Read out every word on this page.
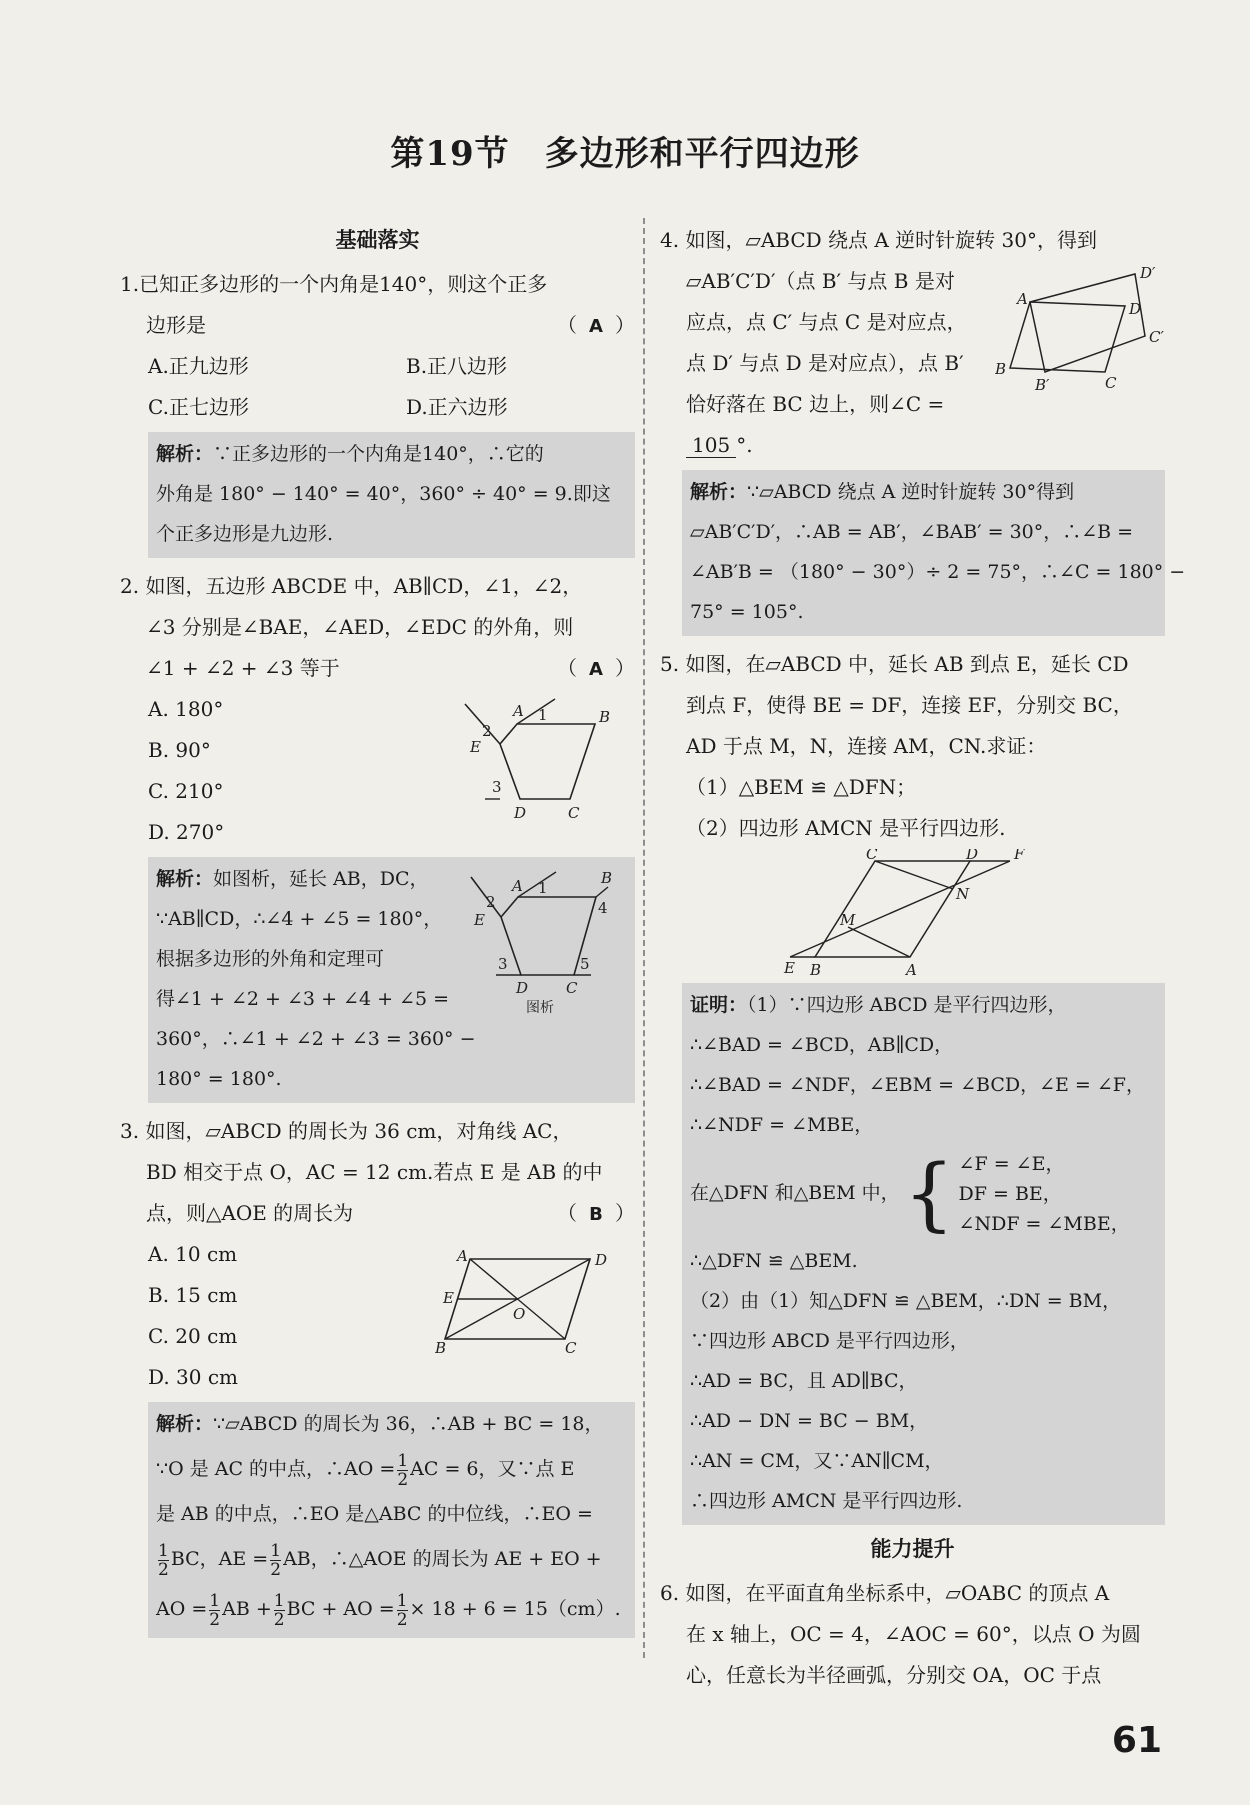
第19节　多边形和平行四边形
基础落实
1.已知正多边形的一个内角是140°，则这个正多
边形是	（ A ）
A.正九边形	B.正八边形
C.正七边形	D.正六边形
解析：∵正多边形的一个内角是140°，∴它的
外角是 180° − 140° = 40°，360° ÷ 40° = 9.即这
个正多边形是九边形.
2. 如图，五边形 ABCDE 中，AB∥CD，∠1，∠2，
∠3 分别是∠BAE，∠AED，∠EDC 的外角，则
∠1 + ∠2 + ∠3 等于	（ A ）
A. 180°
B. 90°
C. 210°
D. 270°
A 1	B
2
E
3
D	C
解析：如图析，延长 AB，DC，
∵AB∥CD，∴∠4 + ∠5 = 180°，
根据多边形的外角和定理可
得∠1 + ∠2 + ∠3 + ∠4 + ∠5 =
360°，∴∠1 + ∠2 + ∠3 = 360° −
180° = 180°.
A 1
B
2
E
4
3
D	C
5
图析
3. 如图，▱ABCD 的周长为 36 cm，对角线 AC，
BD 相交于点 O，AC = 12 cm.若点 E 是 AB 的中
点，则△AOE 的周长为	（ B ）
A. 10 cm
B. 15 cm
C. 20 cm
D. 30 cm
A	D
E
O
B	C
解析：∵▱ABCD 的周长为 36，∴AB + BC = 18，
∵O 是 AC 的中点，∴AO = $\frac{1}{2}$ AC = 6，又∵点 E
是 AB 的中点，∴EO 是△ABC 的中位线，∴EO =
$\frac{1}{2}$ BC，AE = $\frac{1}{2}$ AB，∴△AOE 的周长为 AE + EO +
AO = $\frac{1}{2}$ AB + $\frac{1}{2}$ BC + AO = $\frac{1}{2} \times 18 + 6 = 15(cm)$.
4. 如图，▱ABCD 绕点 A 逆时针旋转 30°，得到
▱AB′C′D′（点 B′ 与点 B 是对
应点，点 C′ 与点 C 是对应点，
点 D′ 与点 D 是对应点），点 B′
恰好落在 BC 边上，则∠C =
105 °.
A
D′
D
C′
B
B′	C
解析：∵▱ABCD 绕点 A 逆时针旋转 30°得到
▱AB′C′D′，∴AB = AB′，∠BAB′ = 30°，∴∠B =
∠AB′B = （180° − 30°）÷ 2 = 75°，∴∠C = 180° −
75° = 105°.
5. 如图，在▱ABCD 中，延长 AB 到点 E，延长 CD
到点 F，使得 BE = DF，连接 EF，分别交 BC，
AD 于点 M，N，连接 AM，CN.求证：
（1）△BEM ≌ △DFN；
（2）四边形 AMCN 是平行四边形.
C	D F
N
M
E B	A
证明：（1）∵四边形 ABCD 是平行四边形，
∴∠BAD = ∠BCD，AB∥CD，
∴∠BAD = ∠NDF，∠EBM = ∠BCD，∠E = ∠F，
∴∠NDF = ∠MBE，
在△DFN 和△BEM 中，{ ∠F = ∠E，
DF = BE，
∠NDF = ∠MBE，
∴△DFN ≌ △BEM.
（2）由（1）知△DFN ≌ △BEM，∴DN = BM，
∵四边形 ABCD 是平行四边形，
∴AD = BC，且 AD∥BC，
∴AD − DN = BC − BM，
∴AN = CM，又∵AN∥CM，
∴四边形 AMCN 是平行四边形.
能力提升
6. 如图，在平面直角坐标系中，▱OABC 的顶点 A
在 x 轴上，OC = 4，∠AOC = 60°，以点 O 为圆
心，任意长为半径画弧，分别交 OA，OC 于点
61
